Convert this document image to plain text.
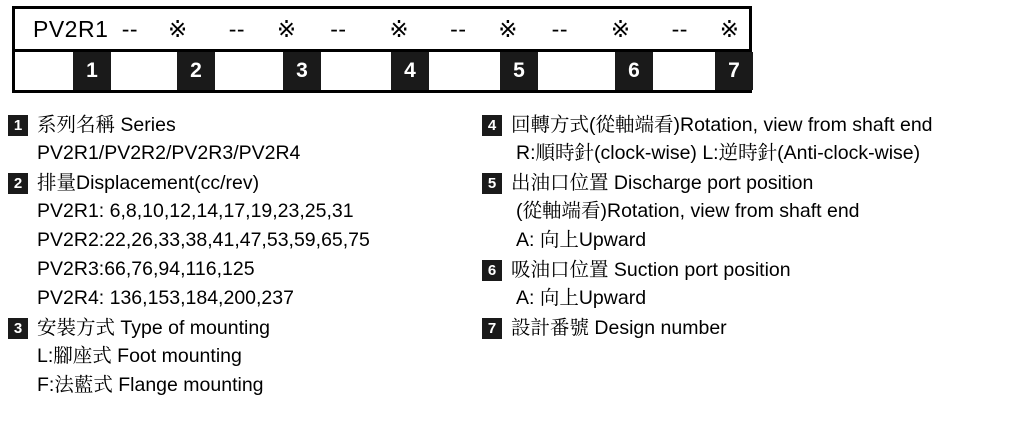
PV2R1 --	※	--	※	--	※	--	※	--	※	--	※
1	2	3	4	5	6	7
1 系列名稱 Series
PV2R1/PV2R2/PV2R3/PV2R4
2 排量Displacement(cc/rev)
PV2R1: 6,8,10,12,14,17,19,23,25,31
PV2R2:22,26,33,38,41,47,53,59,65,75
PV2R3:66,76,94,116,125
PV2R4: 136,153,184,200,237
3 安裝方式 Type of mounting
L:腳座式 Foot mounting
F:法藍式 Flange mounting
4 回轉方式(從軸端看)Rotation, view from shaft end
R:順時針(clock-wise) L:逆時針(Anti-clock-wise)
5 出油口位置 Discharge port position
(從軸端看)Rotation, view from shaft end
A: 向上Upward
6 吸油口位置 Suction port position
A: 向上Upward
7 設計番號 Design number
